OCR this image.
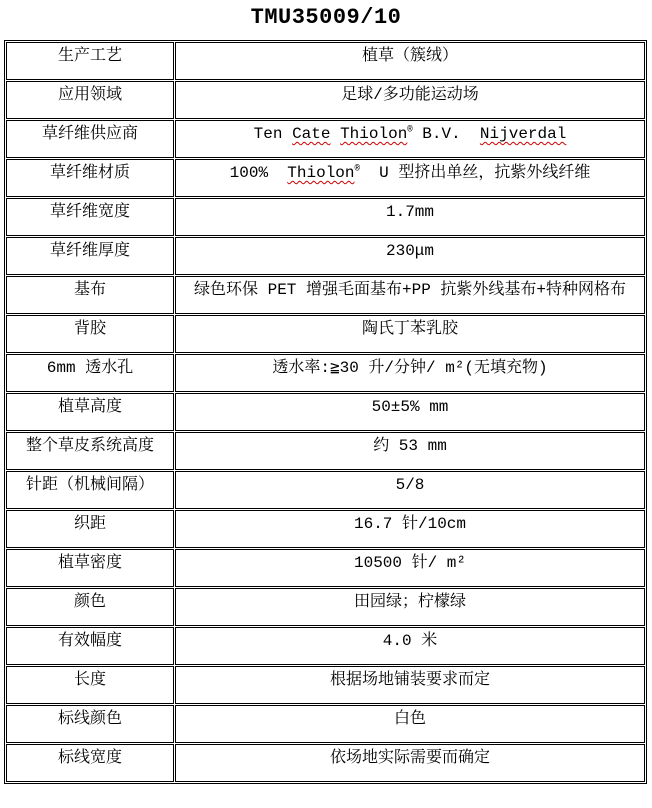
TMU35009/10
生产工艺	植草（簇绒）
应用领域	足球/多功能运动场
草纤维供应商	Ten Cate Thiolon® B.V.  Nijverdal
草纤维材质	100%  Thiolon®  U 型挤出单丝，抗紫外线纤维
草纤维宽度	1.7mm
草纤维厚度	230μm
基布	绿色环保 PET 增强毛面基布+PP 抗紫外线基布+特种网格布
背胶	陶氏丁苯乳胶
6mm 透水孔	透水率:≧30 升/分钟/ m²(无填充物)
植草高度	50±5% mm
整个草皮系统高度	约 53 mm
针距（机械间隔）	5/8
织距	16.7 针/10cm
植草密度	10500 针/ m²
颜色	田园绿；柠檬绿
有效幅度	4.0 米
长度	根据场地铺装要求而定
标线颜色	白色
标线宽度	依场地实际需要而确定
